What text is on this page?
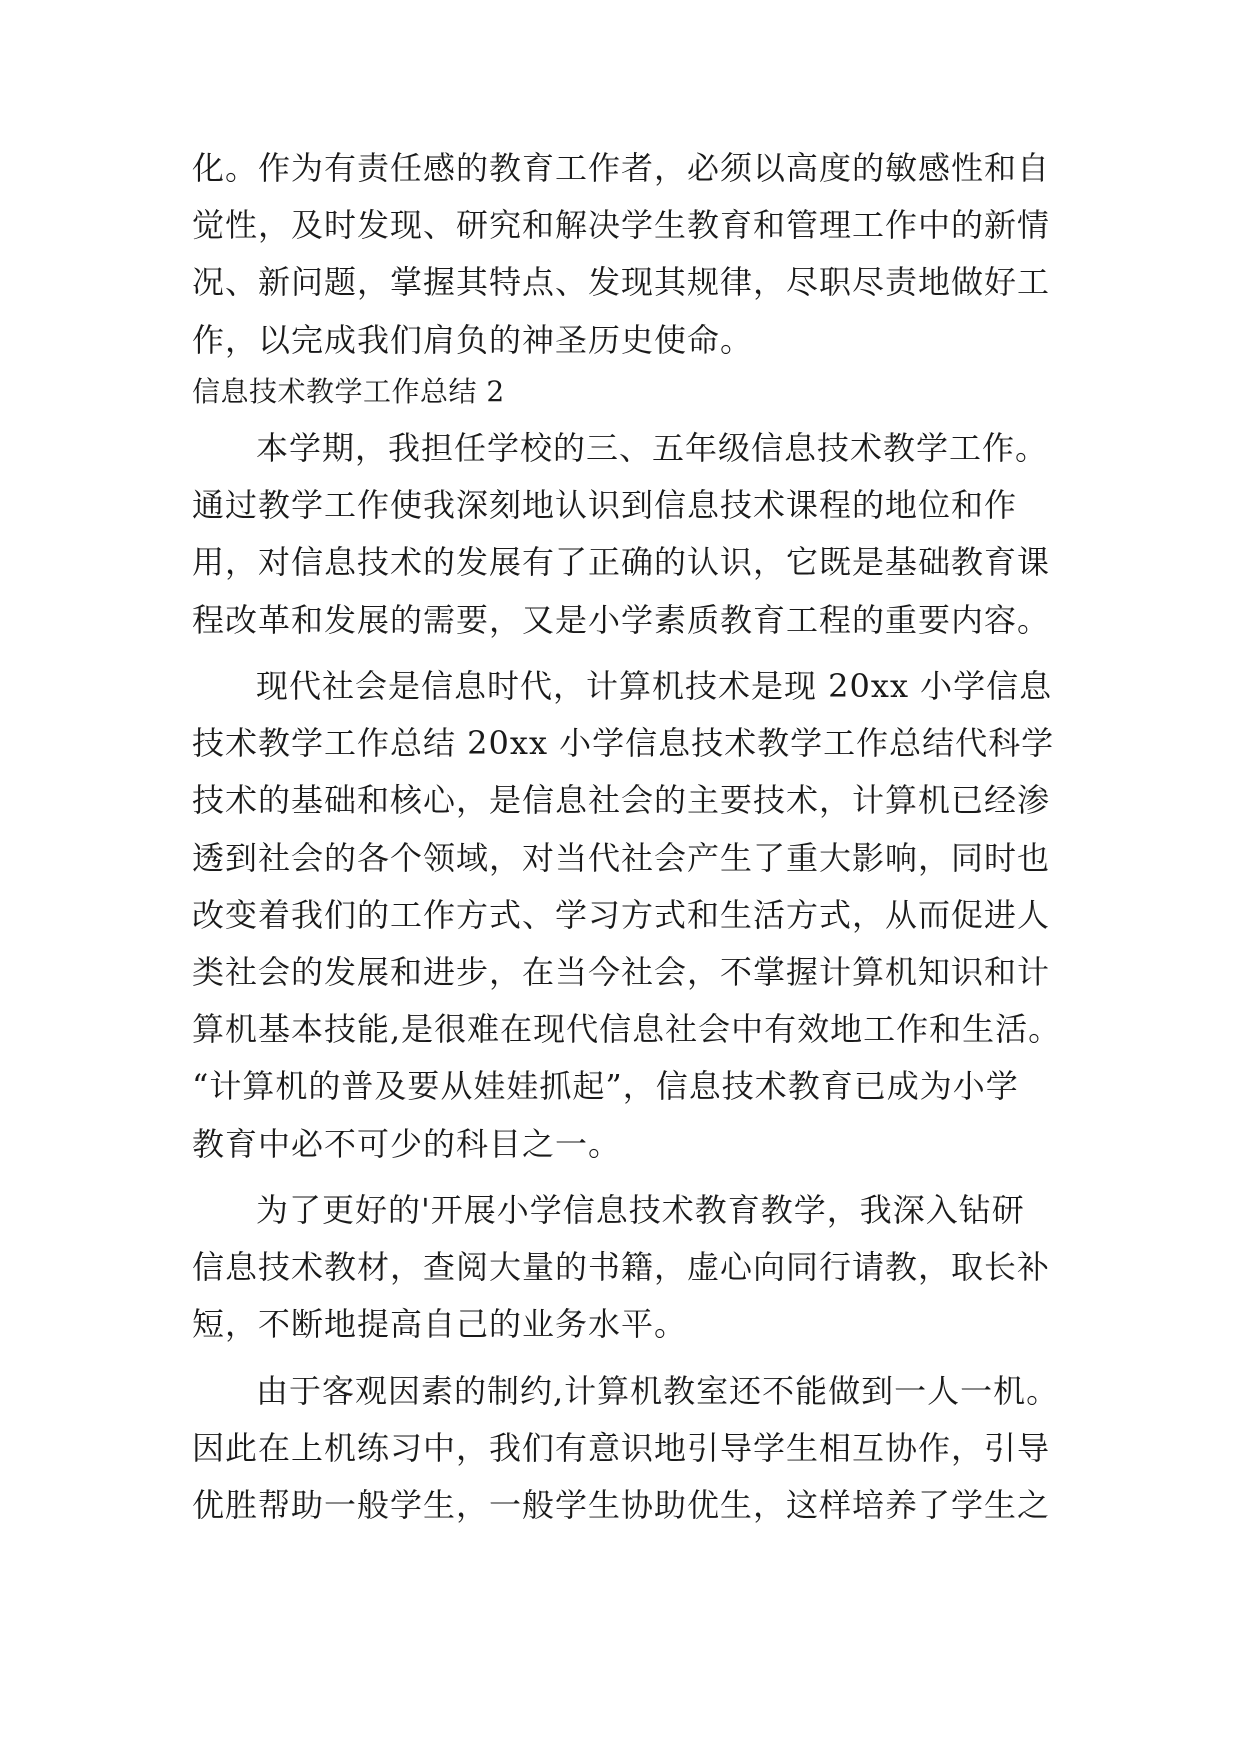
化。作为有责任感的教育工作者，必须以高度的敏感性和自
觉性，及时发现、研究和解决学生教育和管理工作中的新情
况、新问题，掌握其特点、发现其规律，尽职尽责地做好工
作，以完成我们肩负的神圣历史使命。
信息技术教学工作总结 2
本学期，我担任学校的三、五年级信息技术教学工作。
通过教学工作使我深刻地认识到信息技术课程的地位和作
用，对信息技术的发展有了正确的认识，它既是基础教育课
程改革和发展的需要，又是小学素质教育工程的重要内容。
现代社会是信息时代，计算机技术是现 20xx 小学信息
技术教学工作总结 20xx 小学信息技术教学工作总结代科学
技术的基础和核心，是信息社会的主要技术，计算机已经渗
透到社会的各个领域，对当代社会产生了重大影响，同时也
改变着我们的工作方式、学习方式和生活方式，从而促进人
类社会的发展和进步，在当今社会，不掌握计算机知识和计
算机基本技能,是很难在现代信息社会中有效地工作和生活。
“计算机的普及要从娃娃抓起”，信息技术教育已成为小学
教育中必不可少的科目之一。
为了更好的'开展小学信息技术教育教学，我深入钻研
信息技术教材，查阅大量的书籍，虚心向同行请教，取长补
短，不断地提高自己的业务水平。
由于客观因素的制约,计算机教室还不能做到一人一机。
因此在上机练习中，我们有意识地引导学生相互协作，引导
优胜帮助一般学生，一般学生协助优生，这样培养了学生之
